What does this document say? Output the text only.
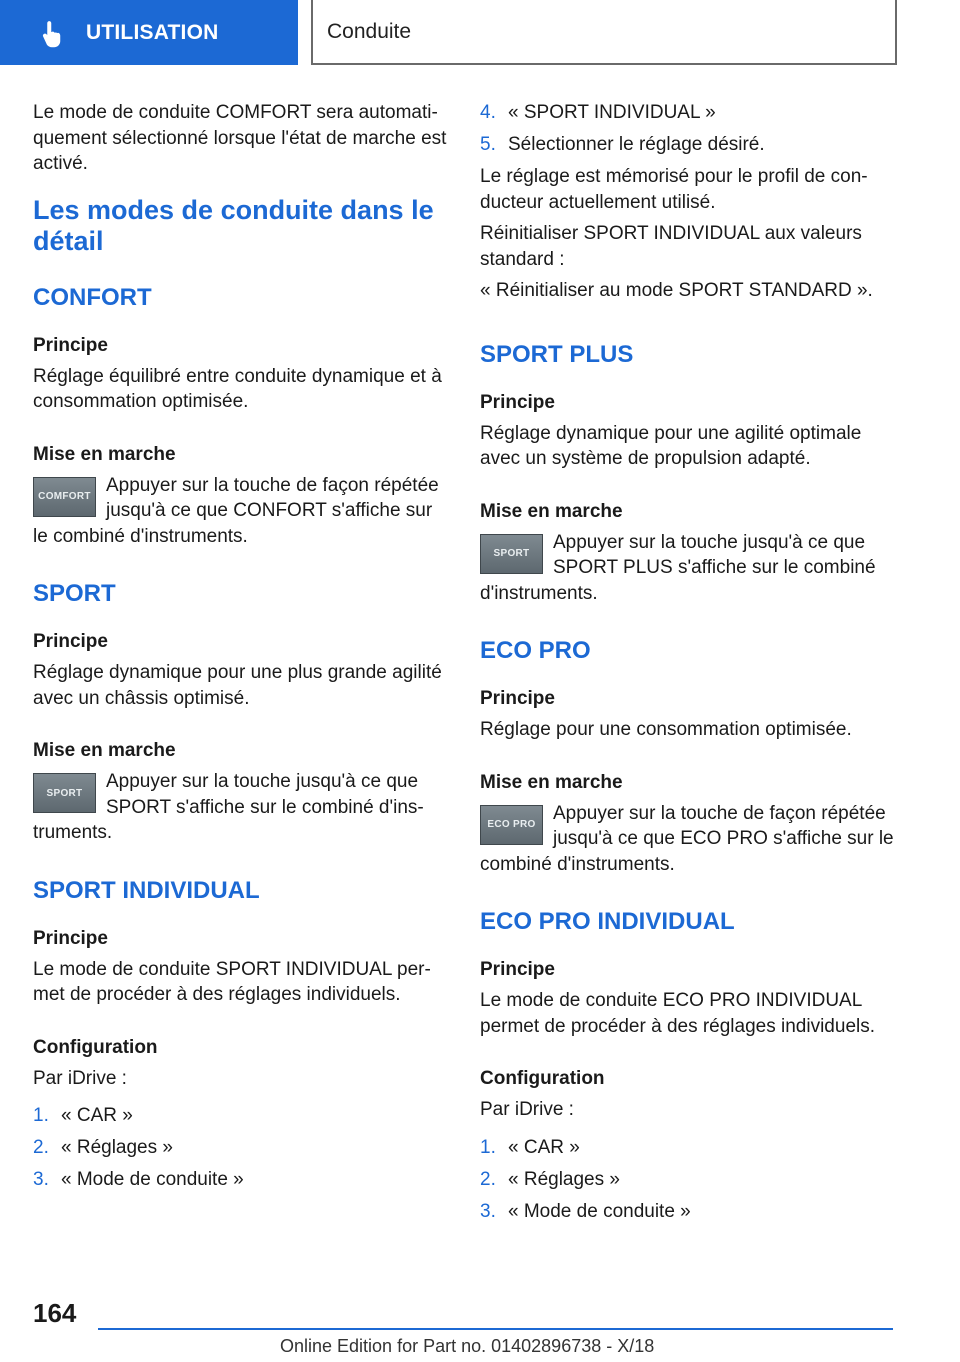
UTILISATION	Conduite

Le mode de conduite COMFORT sera automati‐ quement sélectionné lorsque l'état de marche est activé.

Les modes de conduite dans le détail
CONFORT
Principe

Réglage équilibré entre conduite dynamique et à consommation optimisée.

Mise en marche
COMFORT

Appuyer sur la touche de façon répétée jusqu'à ce que CONFORT s'affiche sur le combiné d'instruments.

SPORT
Principe

Réglage dynamique pour une plus grande agilité avec un châssis optimisé.

Mise en marche
SPORT

Appuyer sur la touche jusqu'à ce que SPORT s'affiche sur le combiné d'ins‐ truments.

SPORT INDIVIDUAL
Principe

Le mode de conduite SPORT INDIVIDUAL per‐ met de procéder à des réglages individuels.

Configuration

Par iDrive :

1. « CAR »
2. « Réglages »
3. « Mode de conduite »
4. « SPORT INDIVIDUAL »
5. Sélectionner le réglage désiré.

Le réglage est mémorisé pour le profil de con‐ ducteur actuellement utilisé.

Réinitialiser SPORT INDIVIDUAL aux valeurs standard :

« Réinitialiser au mode SPORT STANDARD ».

SPORT PLUS
Principe

Réglage dynamique pour une agilité optimale avec un système de propulsion adapté.

Mise en marche
SPORT

Appuyer sur la touche jusqu'à ce que SPORT PLUS s'affiche sur le combiné d'instruments.

ECO PRO
Principe

Réglage pour une consommation optimisée.

Mise en marche
ECO PRO

Appuyer sur la touche de façon répétée jusqu'à ce que ECO PRO s'affiche sur le combiné d'instruments.

ECO PRO INDIVIDUAL
Principe

Le mode de conduite ECO PRO INDIVIDUAL permet de procéder à des réglages individuels.

Configuration

Par iDrive :

1. « CAR »
2. « Réglages »
3. « Mode de conduite »
164
Online Edition for Part no. 01402896738 - X/18
